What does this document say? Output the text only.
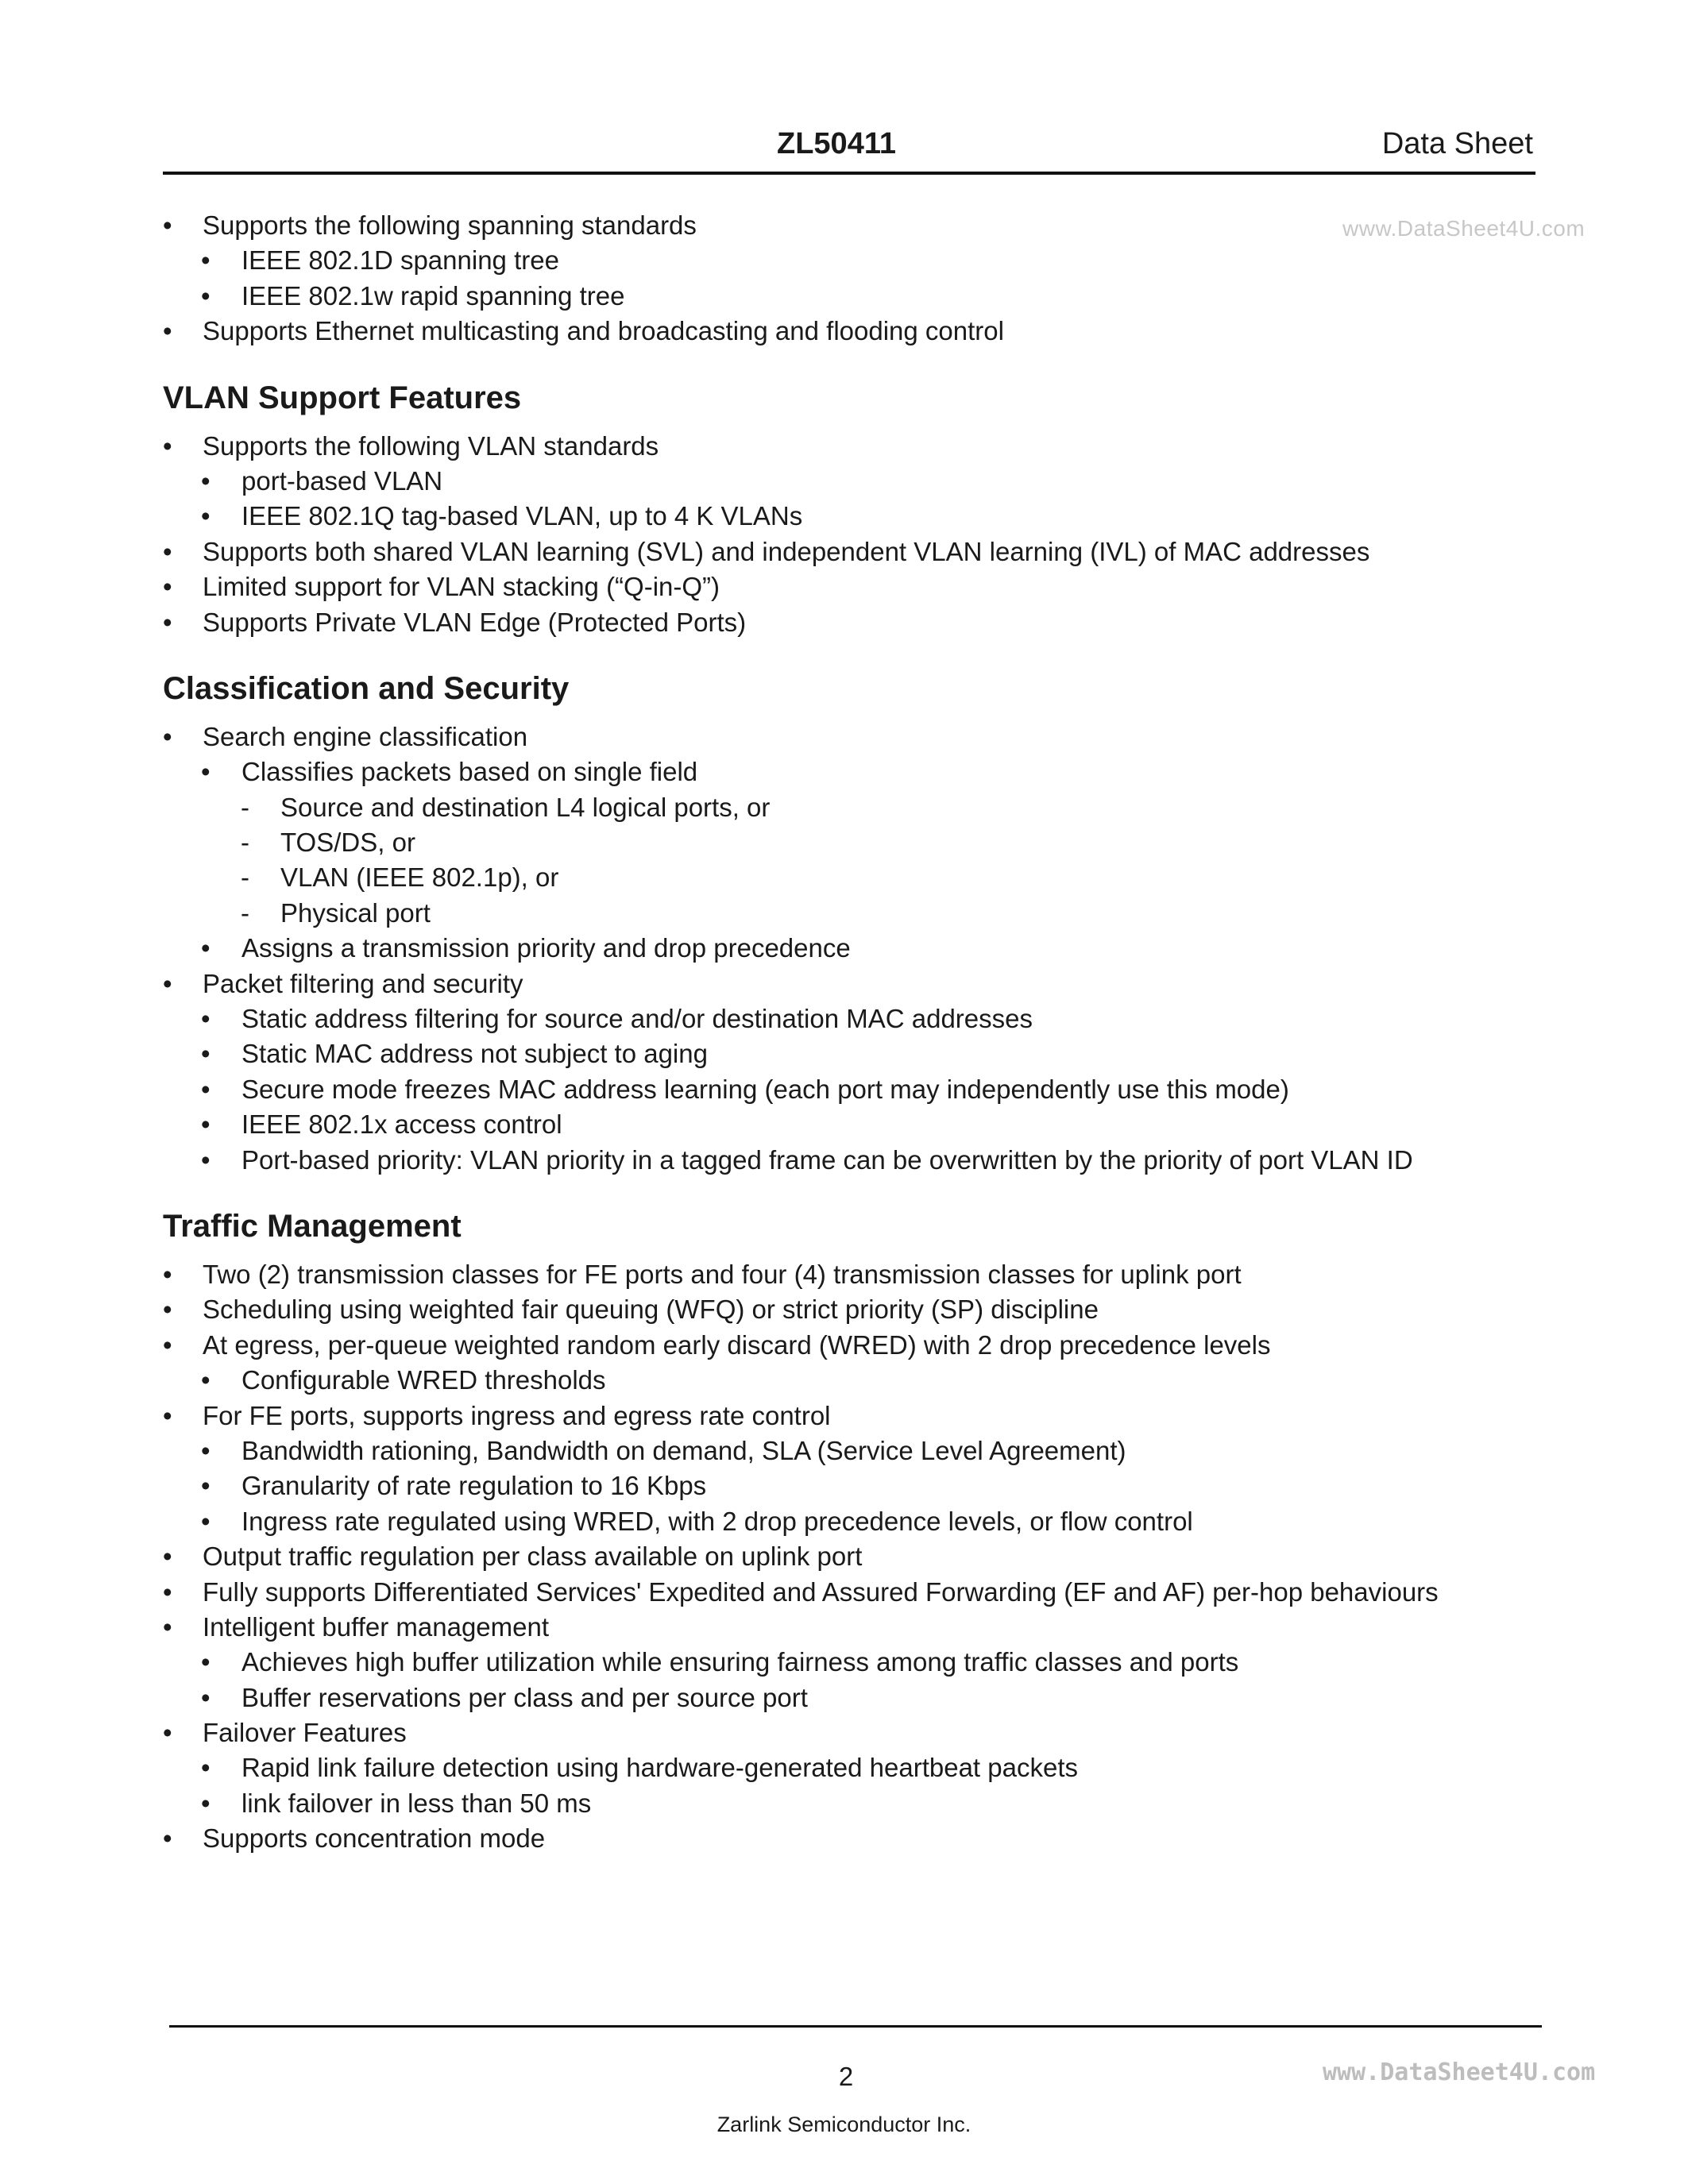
ZL50411	Data Sheet
www.DataSheet4U.com
• Supports the following spanning standards
• IEEE 802.1D spanning tree
• IEEE 802.1w rapid spanning tree
• Supports Ethernet multicasting and broadcasting and flooding control
VLAN Support Features
• Supports the following VLAN standards
• port-based VLAN
• IEEE 802.1Q tag-based VLAN, up to 4 K VLANs
• Supports both shared VLAN learning (SVL) and independent VLAN learning (IVL) of MAC addresses
• Limited support for VLAN stacking (“Q-in-Q”)
• Supports Private VLAN Edge (Protected Ports)
Classification and Security
• Search engine classification
• Classifies packets based on single field
- Source and destination L4 logical ports, or
- TOS/DS, or
- VLAN (IEEE 802.1p), or
- Physical port
• Assigns a transmission priority and drop precedence
• Packet filtering and security
• Static address filtering for source and/or destination MAC addresses
• Static MAC address not subject to aging
• Secure mode freezes MAC address learning (each port may independently use this mode)
• IEEE 802.1x access control
• Port-based priority: VLAN priority in a tagged frame can be overwritten by the priority of port VLAN ID
Traffic Management
• Two (2) transmission classes for FE ports and four (4) transmission classes for uplink port
• Scheduling using weighted fair queuing (WFQ) or strict priority (SP) discipline
• At egress, per-queue weighted random early discard (WRED) with 2 drop precedence levels
• Configurable WRED thresholds
• For FE ports, supports ingress and egress rate control
• Bandwidth rationing, Bandwidth on demand, SLA (Service Level Agreement)
• Granularity of rate regulation to 16 Kbps
• Ingress rate regulated using WRED, with 2 drop precedence levels, or flow control
• Output traffic regulation per class available on uplink port
• Fully supports Differentiated Services' Expedited and Assured Forwarding (EF and AF) per-hop behaviours
• Intelligent buffer management
• Achieves high buffer utilization while ensuring fairness among traffic classes and ports
• Buffer reservations per class and per source port
• Failover Features
• Rapid link failure detection using hardware-generated heartbeat packets
• link failover in less than 50 ms
• Supports concentration mode
2
Zarlink Semiconductor Inc.
www.DataSheet4U.com
